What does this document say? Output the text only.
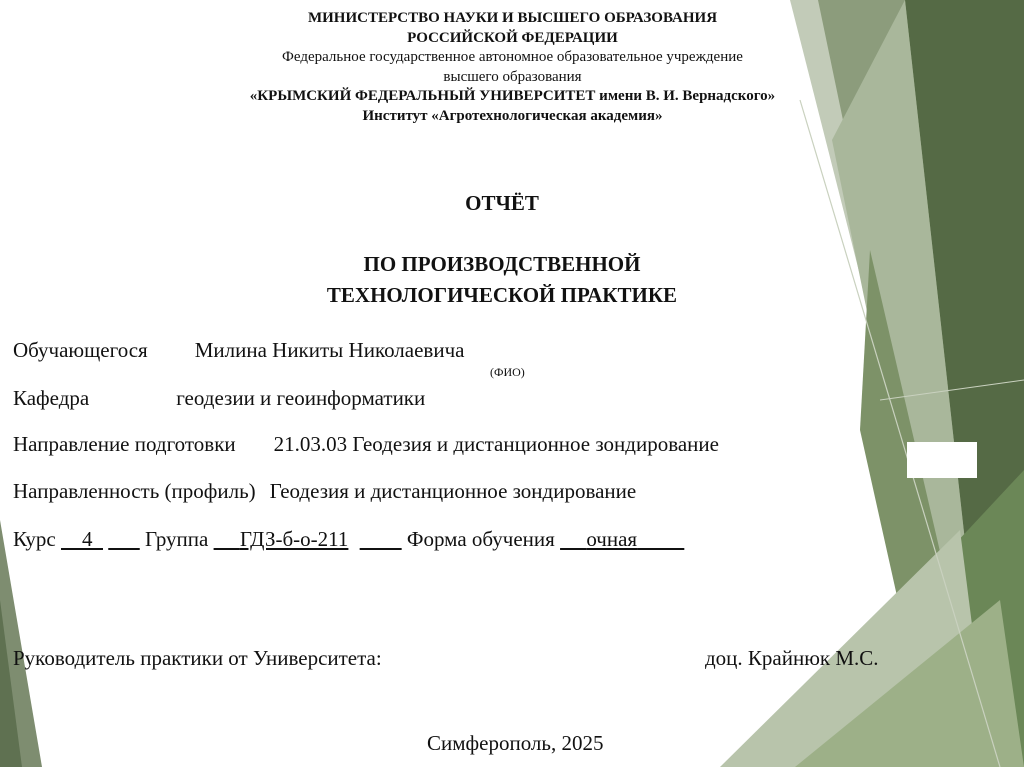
МИНИСТЕРСТВО НАУКИ И ВЫСШЕГО ОБРАЗОВАНИЯ
РОССИЙСКОЙ ФЕДЕРАЦИИ
Федеральное государственное автономное образовательное учреждение
высшего образования
«КРЫМСКИЙ ФЕДЕРАЛЬНЫЙ УНИВЕРСИТЕТ имени В. И. Вернадского»
Институт «Агротехнологическая академия»
ОТЧЁТ
ПО ПРОИЗВОДСТВЕННОЙ
ТЕХНОЛОГИЧЕСКОЙ ПРАКТИКЕ
Обучающегося Милина Никиты Николаевича
(ФИО)
Кафедра	геодезии и геоинформатики
Направление подготовки 21.03.03 Геодезия и дистанционное зондирование
Направленность (профиль) Геодезия и дистанционное зондирование
Курс 4	Группа ГДЗ-б-о-211	Форма обучения очная
Руководитель практики от Университета:	доц. Крайнюк М.С.
Симферополь, 2025
